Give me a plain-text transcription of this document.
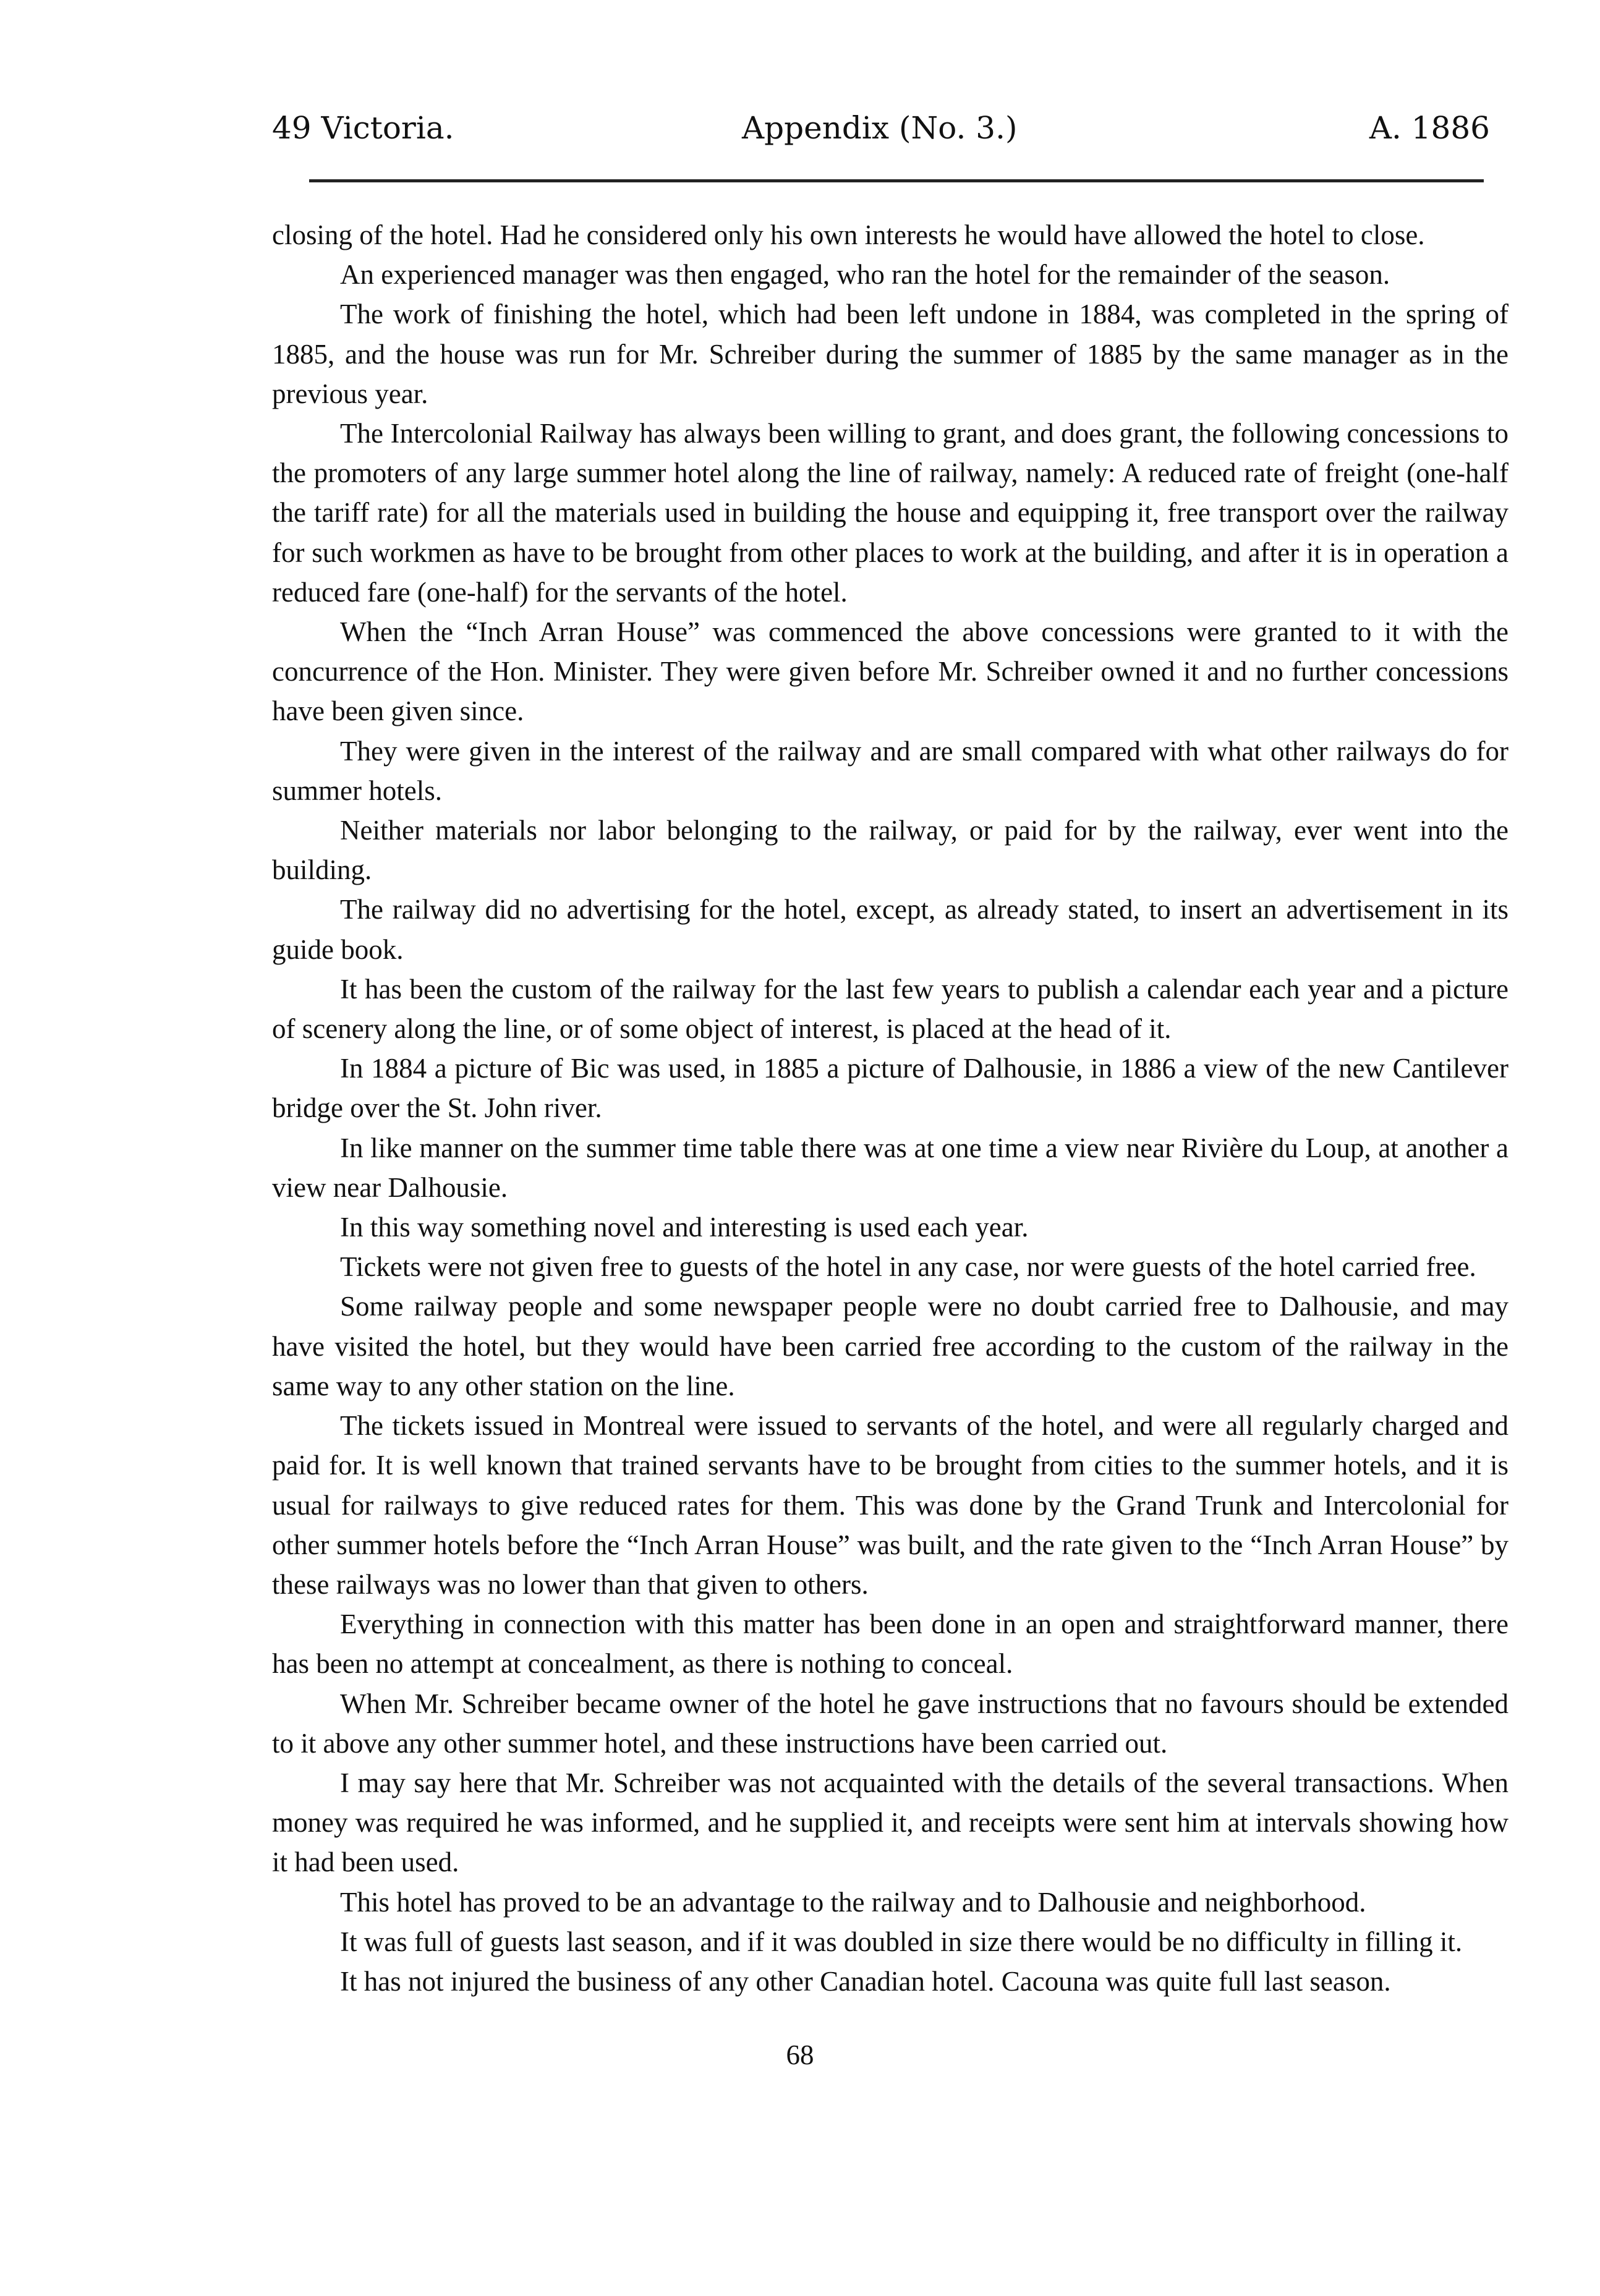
49 Victoria.	Appendix (No. 3.)	A. 1886

closing of the hotel. Had he considered only his own interests he would have allowed the hotel to close.

An experienced manager was then engaged, who ran the hotel for the remainder of the season.

The work of finishing the hotel, which had been left undone in 1884, was completed in the spring of 1885, and the house was run for Mr. Schreiber during the summer of 1885 by the same manager as in the previous year.

The Intercolonial Railway has always been willing to grant, and does grant, the following concessions to the promoters of any large summer hotel along the line of railway, namely: A reduced rate of freight (one-half the tariff rate) for all the materials used in building the house and equipping it, free transport over the railway for such workmen as have to be brought from other places to work at the building, and after it is in operation a reduced fare (one-half) for the servants of the hotel.

When the “Inch Arran House” was commenced the above concessions were granted to it with the concurrence of the Hon. Minister. They were given before Mr. Schreiber owned it and no further concessions have been given since.

They were given in the interest of the railway and are small compared with what other railways do for summer hotels.

Neither materials nor labor belonging to the railway, or paid for by the railway, ever went into the building.

The railway did no advertising for the hotel, except, as already stated, to insert an advertisement in its guide book.

It has been the custom of the railway for the last few years to publish a calendar each year and a picture of scenery along the line, or of some object of interest, is placed at the head of it.

In 1884 a picture of Bic was used, in 1885 a picture of Dalhousie, in 1886 a view of the new Cantilever bridge over the St. John river.

In like manner on the summer time table there was at one time a view near Rivière du Loup, at another a view near Dalhousie.

In this way something novel and interesting is used each year.

Tickets were not given free to guests of the hotel in any case, nor were guests of the hotel carried free.

Some railway people and some newspaper people were no doubt carried free to Dalhousie, and may have visited the hotel, but they would have been carried free according to the custom of the railway in the same way to any other station on the line.

The tickets issued in Montreal were issued to servants of the hotel, and were all regularly charged and paid for. It is well known that trained servants have to be brought from cities to the summer hotels, and it is usual for railways to give reduced rates for them. This was done by the Grand Trunk and Intercolonial for other summer hotels before the “Inch Arran House” was built, and the rate given to the “Inch Arran House” by these railways was no lower than that given to others.

Everything in connection with this matter has been done in an open and straightforward manner, there has been no attempt at concealment, as there is nothing to conceal.

When Mr. Schreiber became owner of the hotel he gave instructions that no favours should be extended to it above any other summer hotel, and these instructions have been carried out.

I may say here that Mr. Schreiber was not acquainted with the details of the several transactions. When money was required he was informed, and he supplied it, and receipts were sent him at intervals showing how it had been used.

This hotel has proved to be an advantage to the railway and to Dalhousie and neighborhood.

It was full of guests last season, and if it was doubled in size there would be no difficulty in filling it.

It has not injured the business of any other Canadian hotel. Cacouna was quite full last season.

68
